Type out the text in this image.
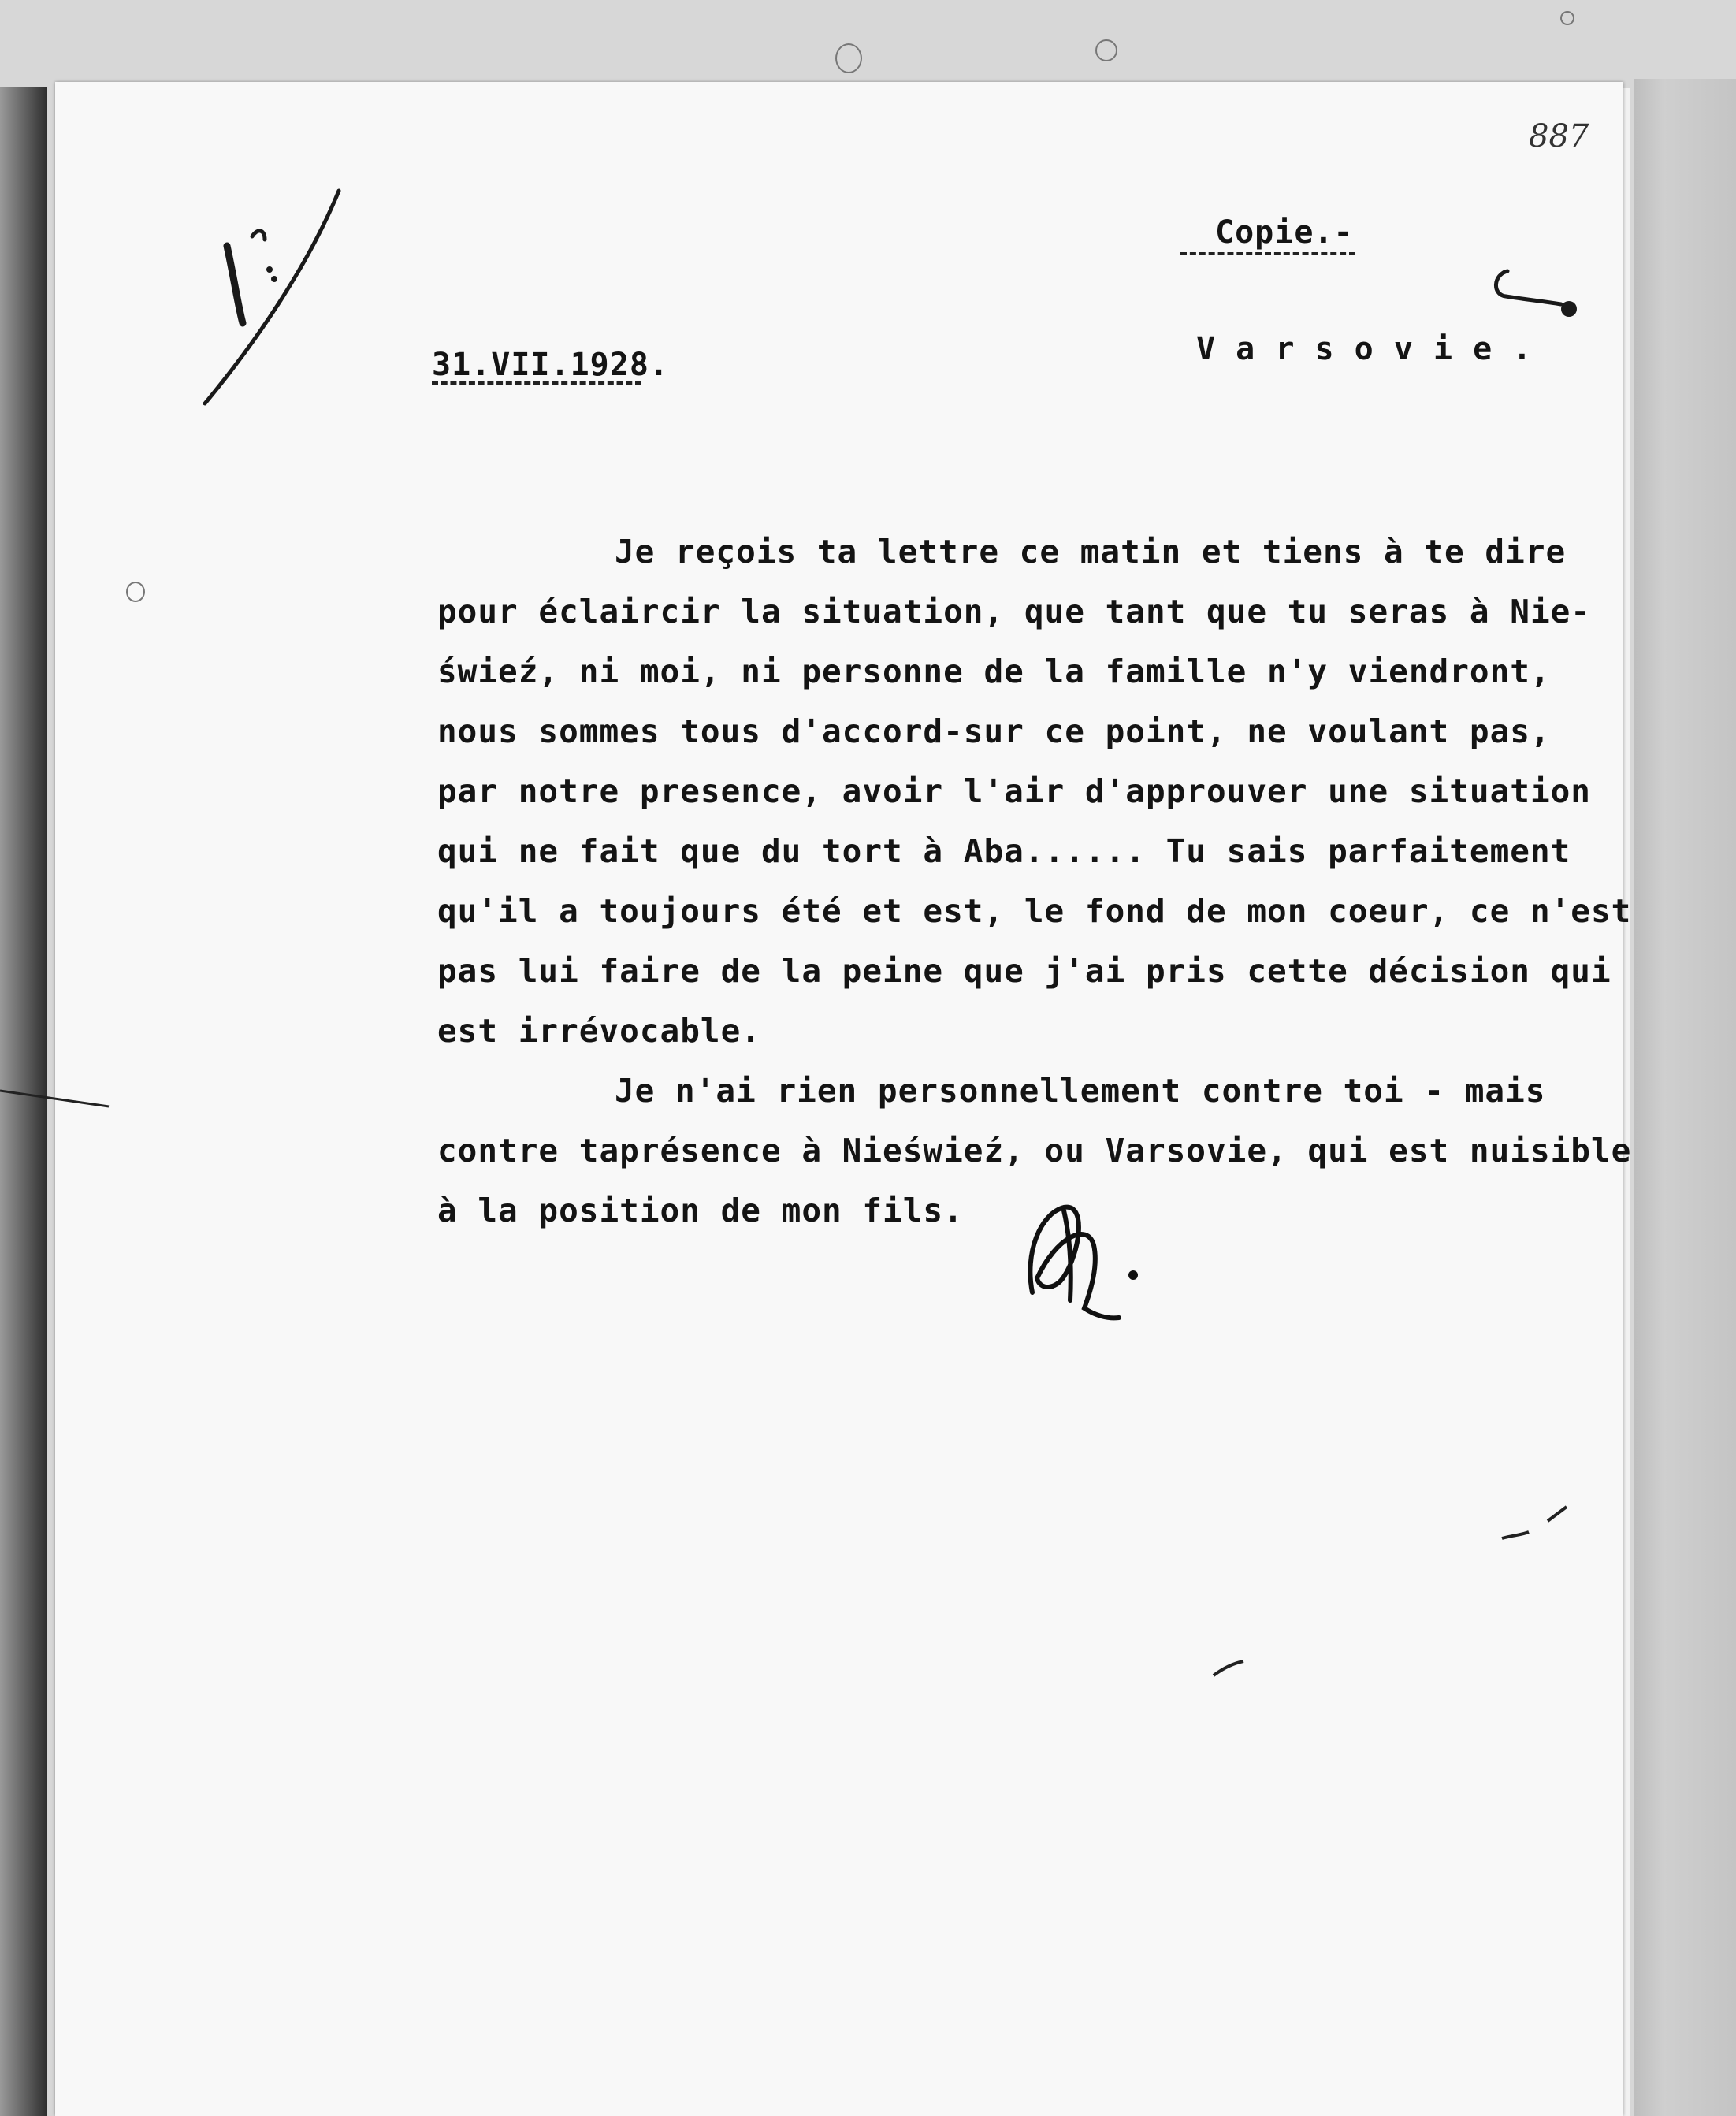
887
Copie.-
31.VII.1928.	V a r s o v i e .
Je reçois ta lettre ce matin et tiens à te dire
pour éclaircir la situation, que tant que tu seras à Nie-
świeź, ni moi, ni personne de la famille n'y viendront,
nous sommes tous d'accord-sur ce point, ne voulant pas,
par notre presence, avoir l'air d'approuver une situation
qui ne fait que du tort à Aba...... Tu sais parfaitement
qu'il a toujours été et est, le fond de mon coeur, ce n'est
pas lui faire de la peine que j'ai pris cette décision qui
est irrévocable.
Je n'ai rien personnellement contre toi - mais
contre taprésence à Nieświeź, ou Varsovie, qui est nuisible
à la position de mon fils.
